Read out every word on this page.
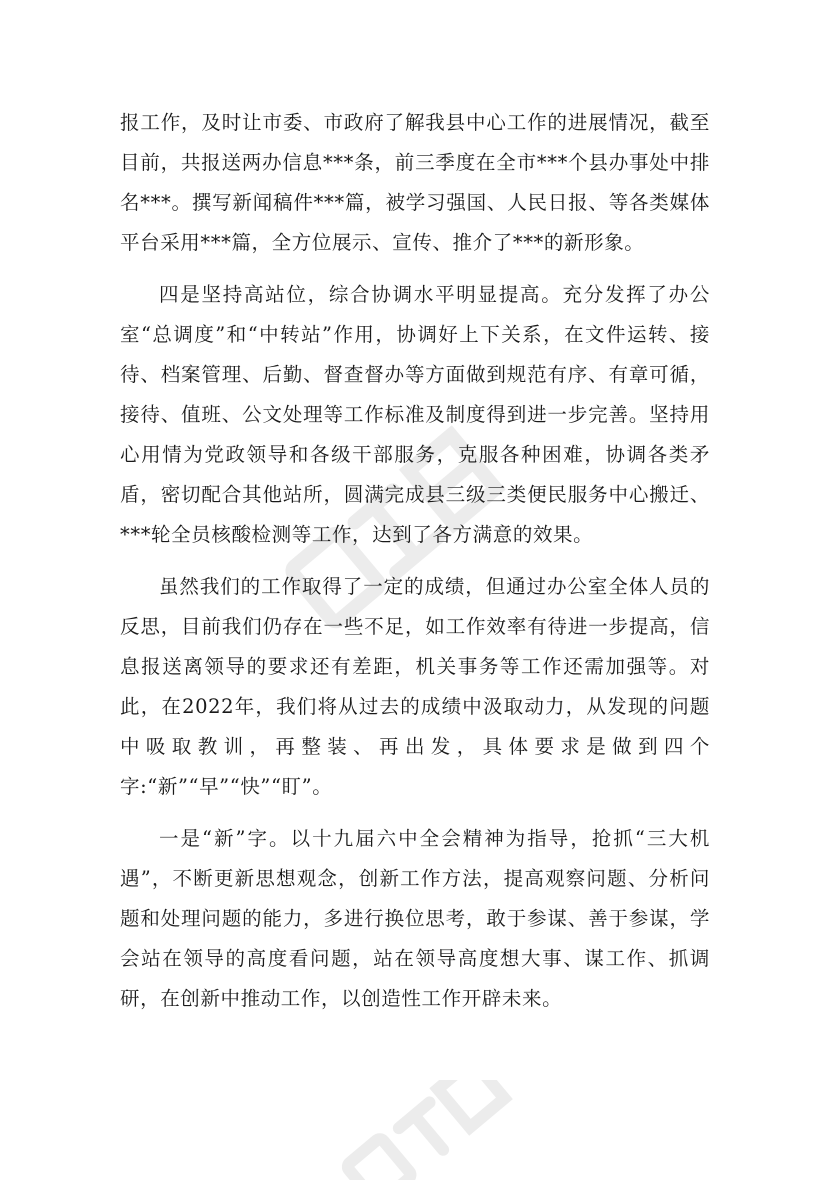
报工作，及时让市委、市政府了解我县中心工作的进展情况，截至目前，共报送两办信息***条，前三季度在全市***个县办事处中排名***。撰写新闻稿件***篇，被学习强国、人民日报、等各类媒体平台采用***篇，全方位展示、宣传、推介了***的新形象。

四是坚持高站位，综合协调水平明显提高。充分发挥了办公室“总调度”和“中转站”作用，协调好上下关系，在文件运转、接待、档案管理、后勤、督查督办等方面做到规范有序、有章可循，接待、值班、公文处理等工作标准及制度得到进一步完善。坚持用心用情为党政领导和各级干部服务，克服各种困难，协调各类矛盾，密切配合其他站所，圆满完成县三级三类便民服务中心搬迁、***轮全员核酸检测等工作，达到了各方满意的效果。

虽然我们的工作取得了一定的成绩，但通过办公室全体人员的反思，目前我们仍存在一些不足，如工作效率有待进一步提高，信息报送离领导的要求还有差距，机关事务等工作还需加强等。对此，在2022年，我们将从过去的成绩中汲取动力，从发现的问题中吸取教训，再整装、再出发，具体要求是做到四个字:“新”“早”“快”“盯”。

一是“新”字。以十九届六中全会精神为指导，抢抓“三大机遇”，不断更新思想观念，创新工作方法，提高观察问题、分析问题和处理问题的能力，多进行换位思考，敢于参谋、善于参谋，学会站在领导的高度看问题，站在领导高度想大事、谋工作、抓调研，在创新中推动工作，以创造性工作开辟未来。
